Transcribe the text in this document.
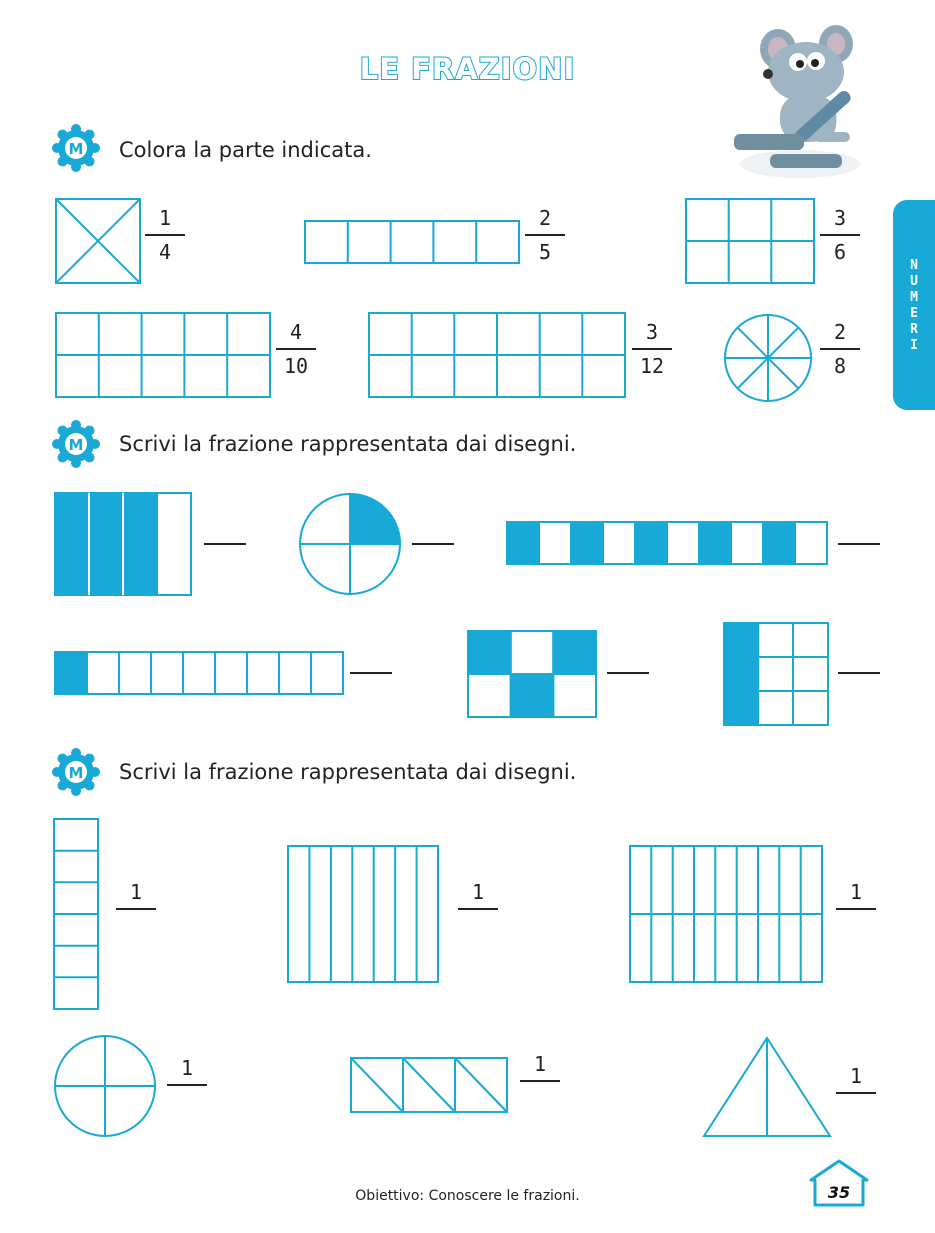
LE FRAZIONI
NUMERI
M Colora la parte indicata.
M Scrivi la frazione rappresentata dai disegni.
M Scrivi la frazione rappresentata dai disegni.
1
4
2
5
3
6
4
10
3
12
2
8
1	1	1
1	1	1
Obiettivo: Conoscere le frazioni.	35
